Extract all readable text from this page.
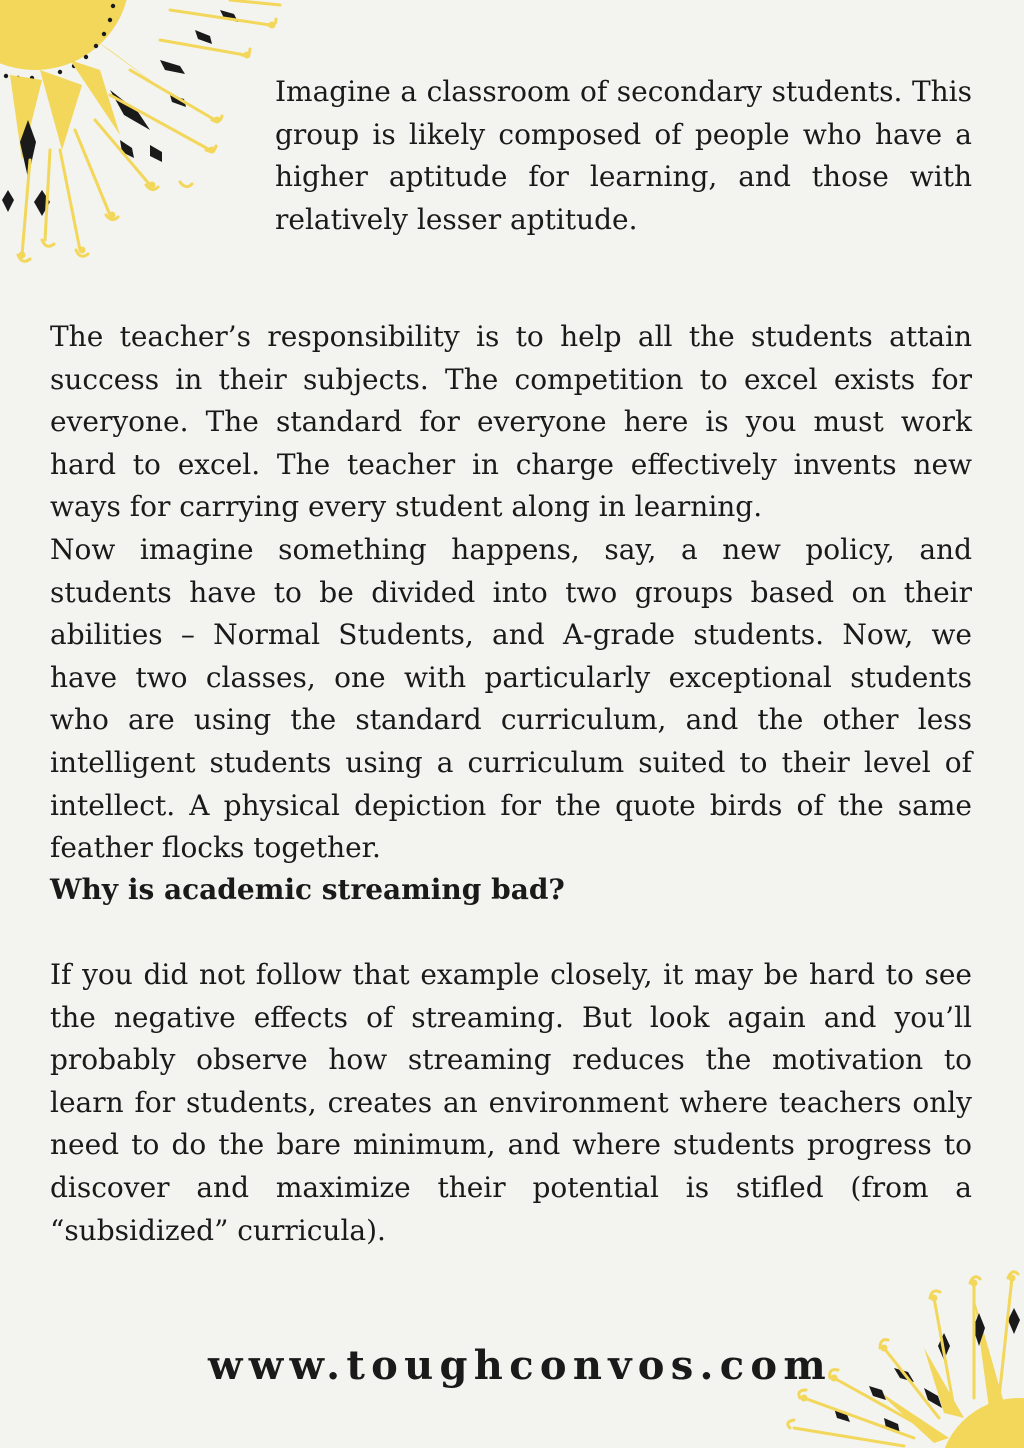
Imagine a classroom of secondary students. This group is likely composed of people who have a higher aptitude for learning, and those with relatively lesser aptitude.

The teacher’s responsibility is to help all the students attain success in their subjects. The competition to excel exists for everyone. The standard for everyone here is you must work hard to excel. The teacher in charge effectively invents new ways for carrying every student along in learning.

Now imagine something happens, say, a new policy, and students have to be divided into two groups based on their abilities – Normal Students, and A-grade students. Now, we have two classes, one with particularly exceptional students who are using the standard curriculum, and the other less intelligent students using a curriculum suited to their level of intellect. A physical depiction for the quote birds of the same feather flocks together.

Why is academic streaming bad?

If you did not follow that example closely, it may be hard to see the negative effects of streaming. But look again and you’ll probably observe how streaming reduces the motivation to learn for students, creates an environment where teachers only need to do the bare minimum, and where students progress to discover and maximize their potential is stifled (from a “subsidized” curricula).

www.toughconvos.com
